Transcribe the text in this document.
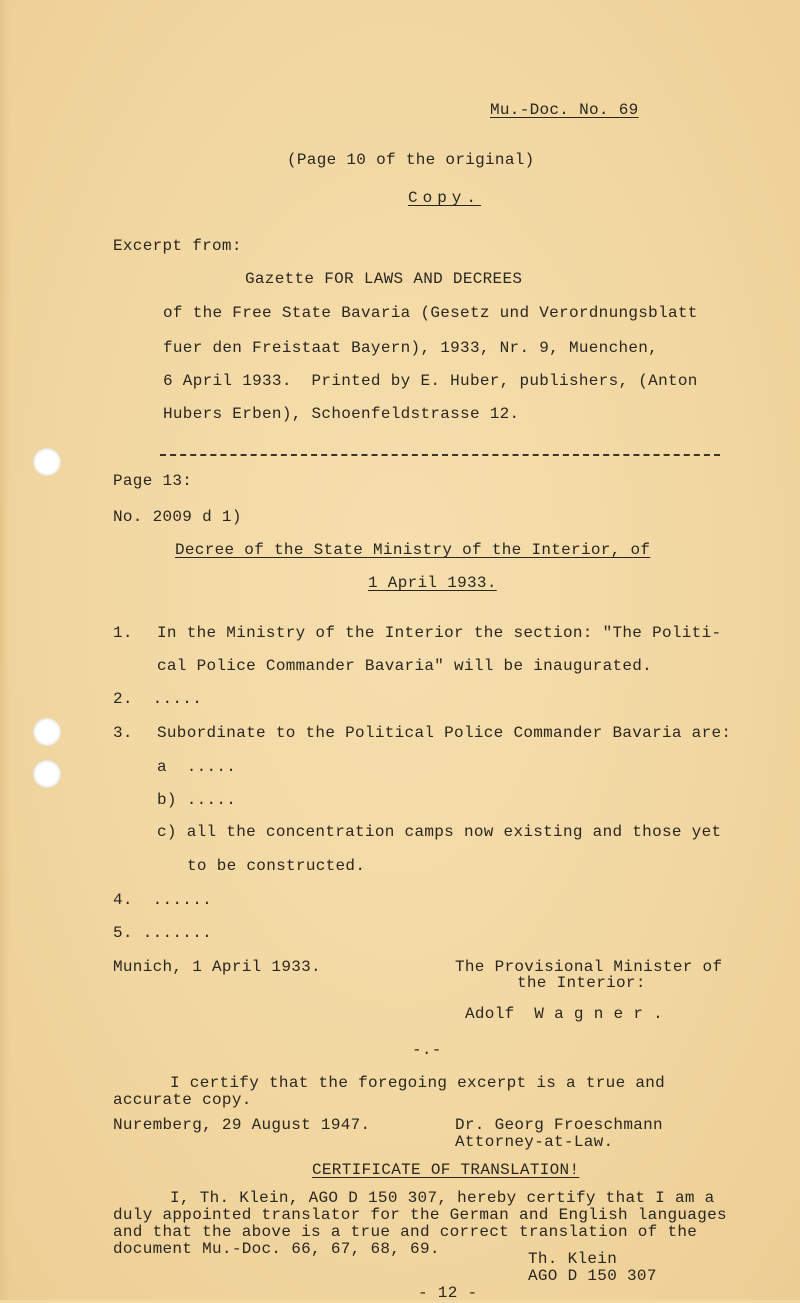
Mu.-Doc. No. 69
(Page 10 of the original)
Copy.
Excerpt from:
Gazette FOR LAWS AND DECREES
of the Free State Bavaria (Gesetz und Verordnungsblatt
fuer den Freistaat Bayern), 1933, Nr. 9, Muenchen,
6 April 1933.  Printed by E. Huber, publishers, (Anton
Hubers Erben), Schoenfeldstrasse 12.
Page 13:
No. 2009 d 1)
Decree of the State Ministry of the Interior, of
1 April 1933.
1. In the Ministry of the Interior the section: "The Politi-
cal Police Commander Bavaria" will be inaugurated.
2.  .....
3. Subordinate to the Political Police Commander Bavaria are:
a  .....
b) .....
c) all the concentration camps now existing and those yet
to be constructed.
4.  ......
5. .......
Munich, 1 April 1933.	The Provisional Minister of
the Interior:
Adolf  W a g n e r .
-.-
I certify that the foregoing excerpt is a true and
accurate copy.
Nuremberg, 29 August 1947.	Dr. Georg Froeschmann
Attorney-at-Law.
CERTIFICATE OF TRANSLATION!
I, Th. Klein, AGO D 150 307, hereby certify that I am a
duly appointed translator for the German and English languages
and that the above is a true and correct translation of the
document Mu.-Doc. 66, 67, 68, 69.
Th. Klein
AGO D 150 307
- 12 -
